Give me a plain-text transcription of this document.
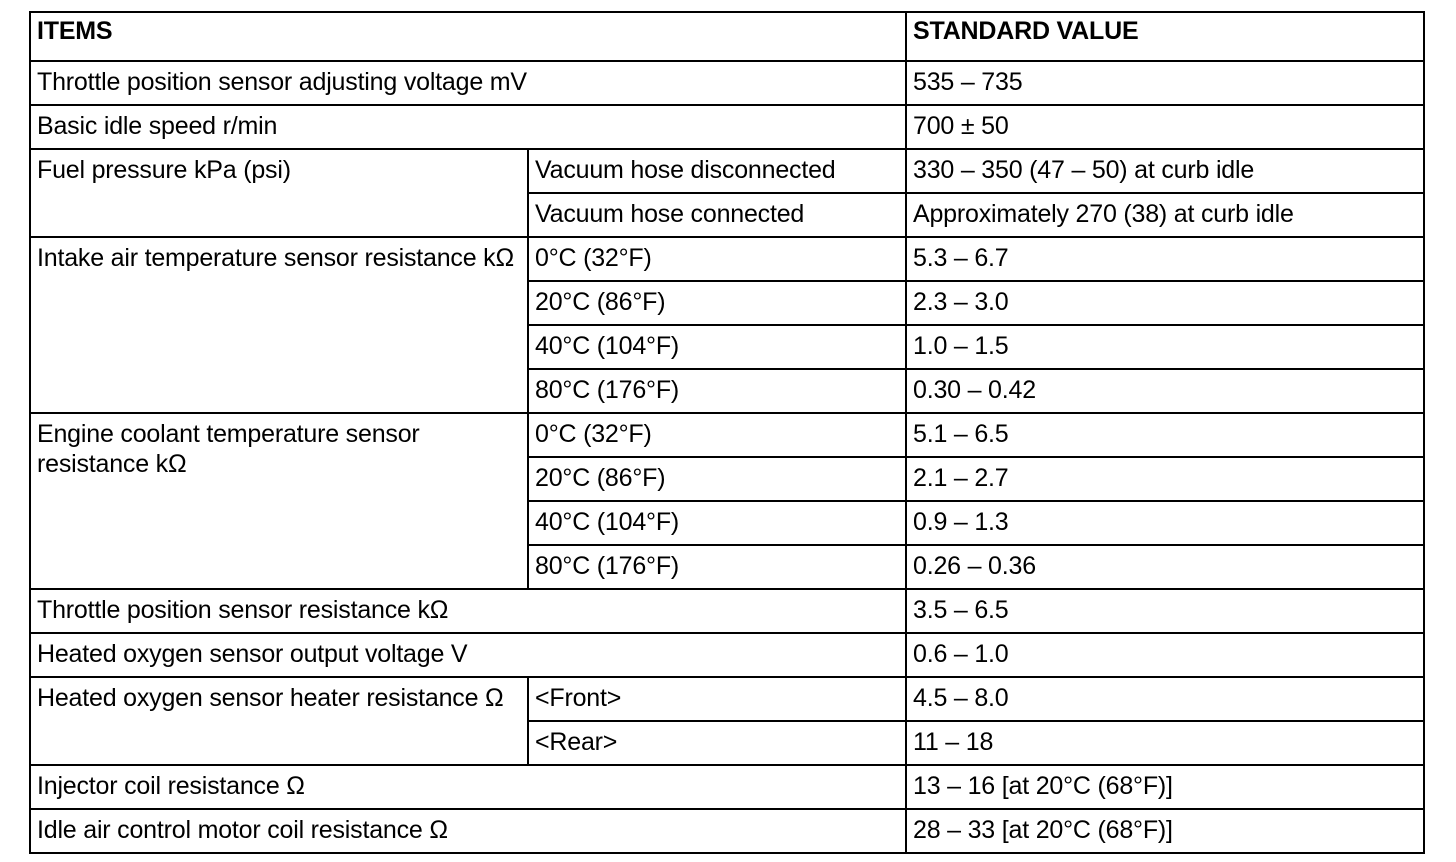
ITEMS		STANDARD VALUE
Throttle position sensor adjusting voltage mV		535 – 735
Basic idle speed r/min		700 ± 50
Fuel pressure kPa (psi)	Vacuum hose disconnected	330 – 350 (47 – 50) at curb idle
	Vacuum hose connected	Approximately 270 (38) at curb idle
Intake air temperature sensor resistance kΩ	0°C (32°F)	5.3 – 6.7
	20°C (86°F)	2.3 – 3.0
	40°C (104°F)	1.0 – 1.5
	80°C (176°F)	0.30 – 0.42
Engine coolant temperature sensor resistance kΩ	0°C (32°F)	5.1 – 6.5
	20°C (86°F)	2.1 – 2.7
	40°C (104°F)	0.9 – 1.3
	80°C (176°F)	0.26 – 0.36
Throttle position sensor resistance kΩ		3.5 – 6.5
Heated oxygen sensor output voltage V		0.6 – 1.0
Heated oxygen sensor heater resistance Ω	<Front>	4.5 – 8.0
	<Rear>	11 – 18
Injector coil resistance Ω		13 – 16 [at 20°C (68°F)]
Idle air control motor coil resistance Ω		28 – 33 [at 20°C (68°F)]
